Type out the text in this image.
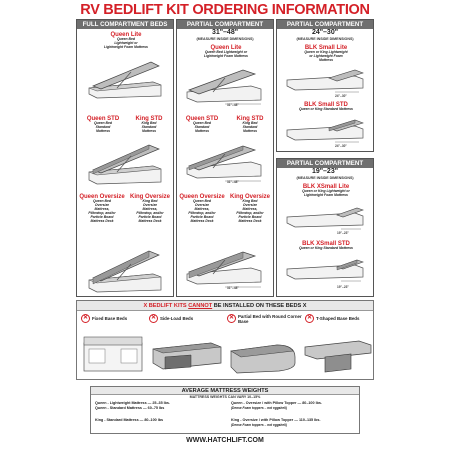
RV BEDLIFT KIT ORDERING INFORMATION
FULL COMPARTMENT BEDS
Queen Lite
Queen Bed
Lightweight or
Lightweight Foam Mattress
Queen STD
Queen Bed
Standard
Mattress
King STD
King Bed
Standard
Mattress
Queen Oversize
Queen Bed
Oversize
Mattress,
Pillowtop, and/or
Particle Board
Mattress Deck
King Oversize
King Bed
Oversize
Mattress,
Pillowtop, and/or
Particle Board
Mattress Deck
PARTIAL COMPARTMENT
31"–48"
(MEASURE INSIDE DIMENSIONS)
Queen Lite
Queen Bed Lightweight or
Lightweight Foam Mattress
31"–48"
Queen STD
Queen Bed
Standard
Mattress
King STD
King Bed
Standard
Mattress
31"–48"
Queen Oversize
Queen Bed
Oversize
Mattress,
Pillowtop, and/or
Particle Board
Mattress Deck
King Oversize
King Bed
Oversize
Mattress,
Pillowtop, and/or
Particle Board
Mattress Deck
31"–48"
PARTIAL COMPARTMENT
24"–30"
(MEASURE INSIDE DIMENSIONS)
BLK Small Lite
Queen or King Lightweight
or Lightweight Foam
Mattress
24"–30"
BLK Small STD
Queen or King Standard Mattress
24"–30"
PARTIAL COMPARTMENT
19"–23"
(MEASURE INSIDE DIMENSIONS)
BLK XSmall Lite
Queen or King Lightweight or
Lightweight Foam Mattress
19"–23"
BLK XSmall STD
Queen or King Standard Mattress
19"–23"
X BEDLIFT KITS CANNOT BE INSTALLED ON THESE BEDS X
✕ Fixed Base Beds	✕ Side-Load Beds	✕ Partial Bed with Round Corner Base
✕ T-Shaped Base Beds
AVERAGE MATTRESS WEIGHTS
MATTRESS WEIGHTS CAN VARY 10–15%
Queen - Lightweight Mattress — 25–35 lbs.
Queen - Standard Mattress — 60–75 lbs
King - Standard Mattress — 80–100 lbs
Queen - Oversize / with Pillow Topper — 80–100 lbs.
(Dense Foam toppers – not eggshell)
King - Oversize / with Pillow Topper — 110–135 lbs.
(Dense Foam toppers – not eggshell)
WWW.HATCHLIFT.COM
